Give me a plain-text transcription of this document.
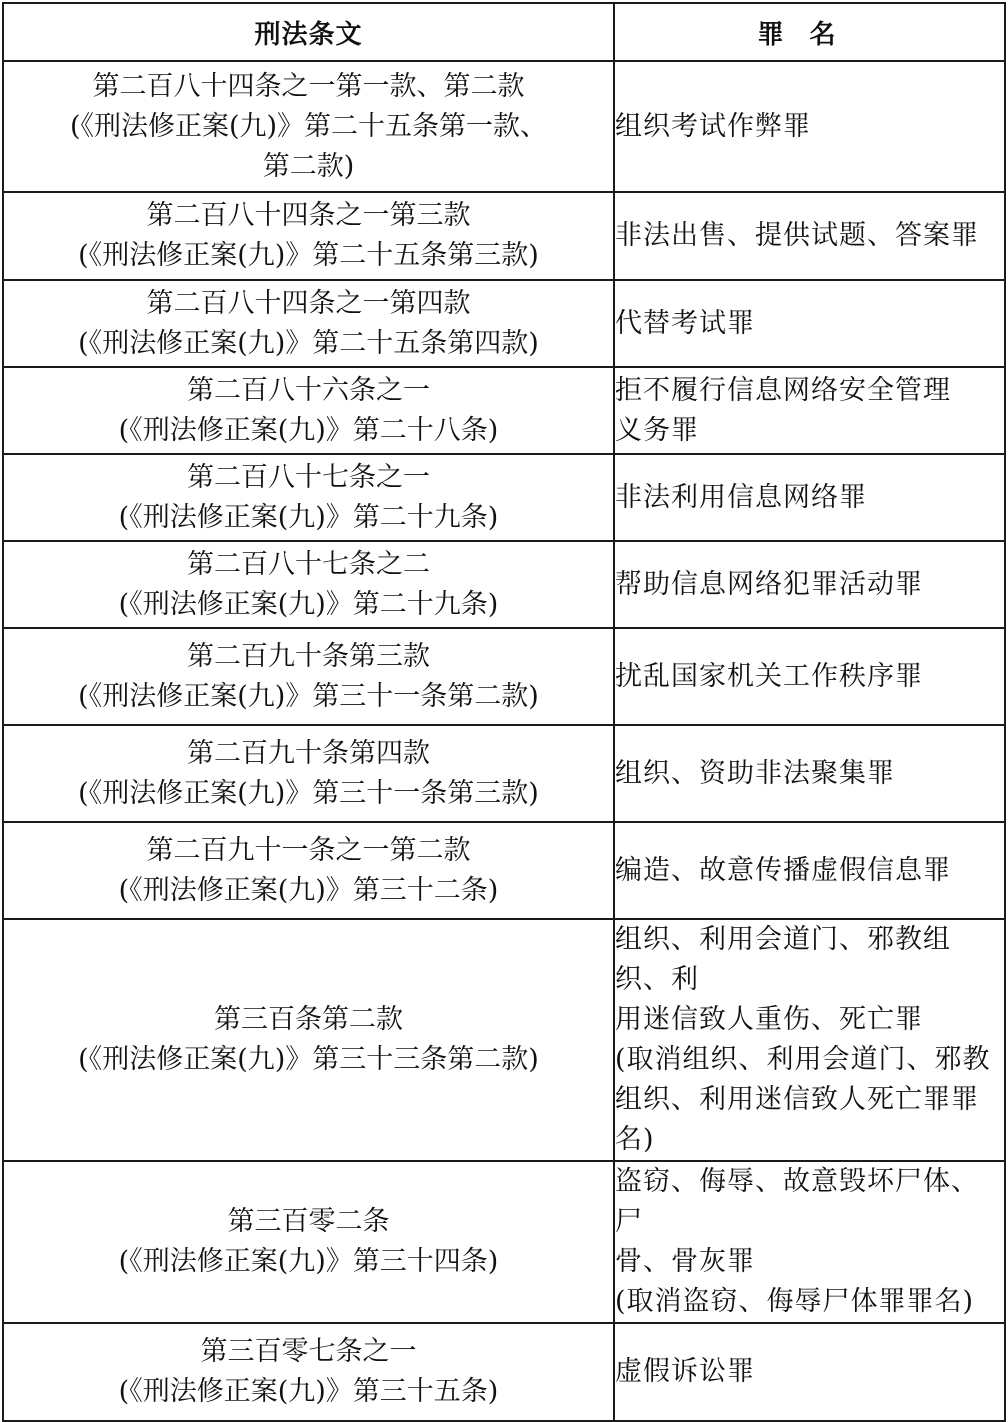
刑法条文	罪名

第二百八十四条之一第一款、第二款
(《刑法修正案(九)》第二十五条第一款、
第二款)	组织考试作弊罪

第二百八十四条之一第三款
(《刑法修正案(九)》第二十五条第三款)	非法出售、提供试题、答案罪

第二百八十四条之一第四款
(《刑法修正案(九)》第二十五条第四款)	代替考试罪

第二百八十六条之一
(《刑法修正案(九)》第二十八条)	拒不履行信息网络安全管理
义务罪

第二百八十七条之一
(《刑法修正案(九)》第二十九条)	非法利用信息网络罪

第二百八十七条之二
(《刑法修正案(九)》第二十九条)	帮助信息网络犯罪活动罪

第二百九十条第三款
(《刑法修正案(九)》第三十一条第二款)	扰乱国家机关工作秩序罪

第二百九十条第四款
(《刑法修正案(九)》第三十一条第三款)	组织、资助非法聚集罪

第二百九十一条之一第二款
(《刑法修正案(九)》第三十二条)	编造、故意传播虚假信息罪

第三百条第二款
(《刑法修正案(九)》第三十三条第二款)	组织、利用会道门、邪教组织、利
用迷信致人重伤、死亡罪
(取消组织、利用会道门、邪教
组织、利用迷信致人死亡罪罪
名)

第三百零二条
(《刑法修正案(九)》第三十四条)	盗窃、侮辱、故意毁坏尸体、尸
骨、骨灰罪
(取消盗窃、侮辱尸体罪罪名)

第三百零七条之一
(《刑法修正案(九)》第三十五条)	虚假诉讼罪
